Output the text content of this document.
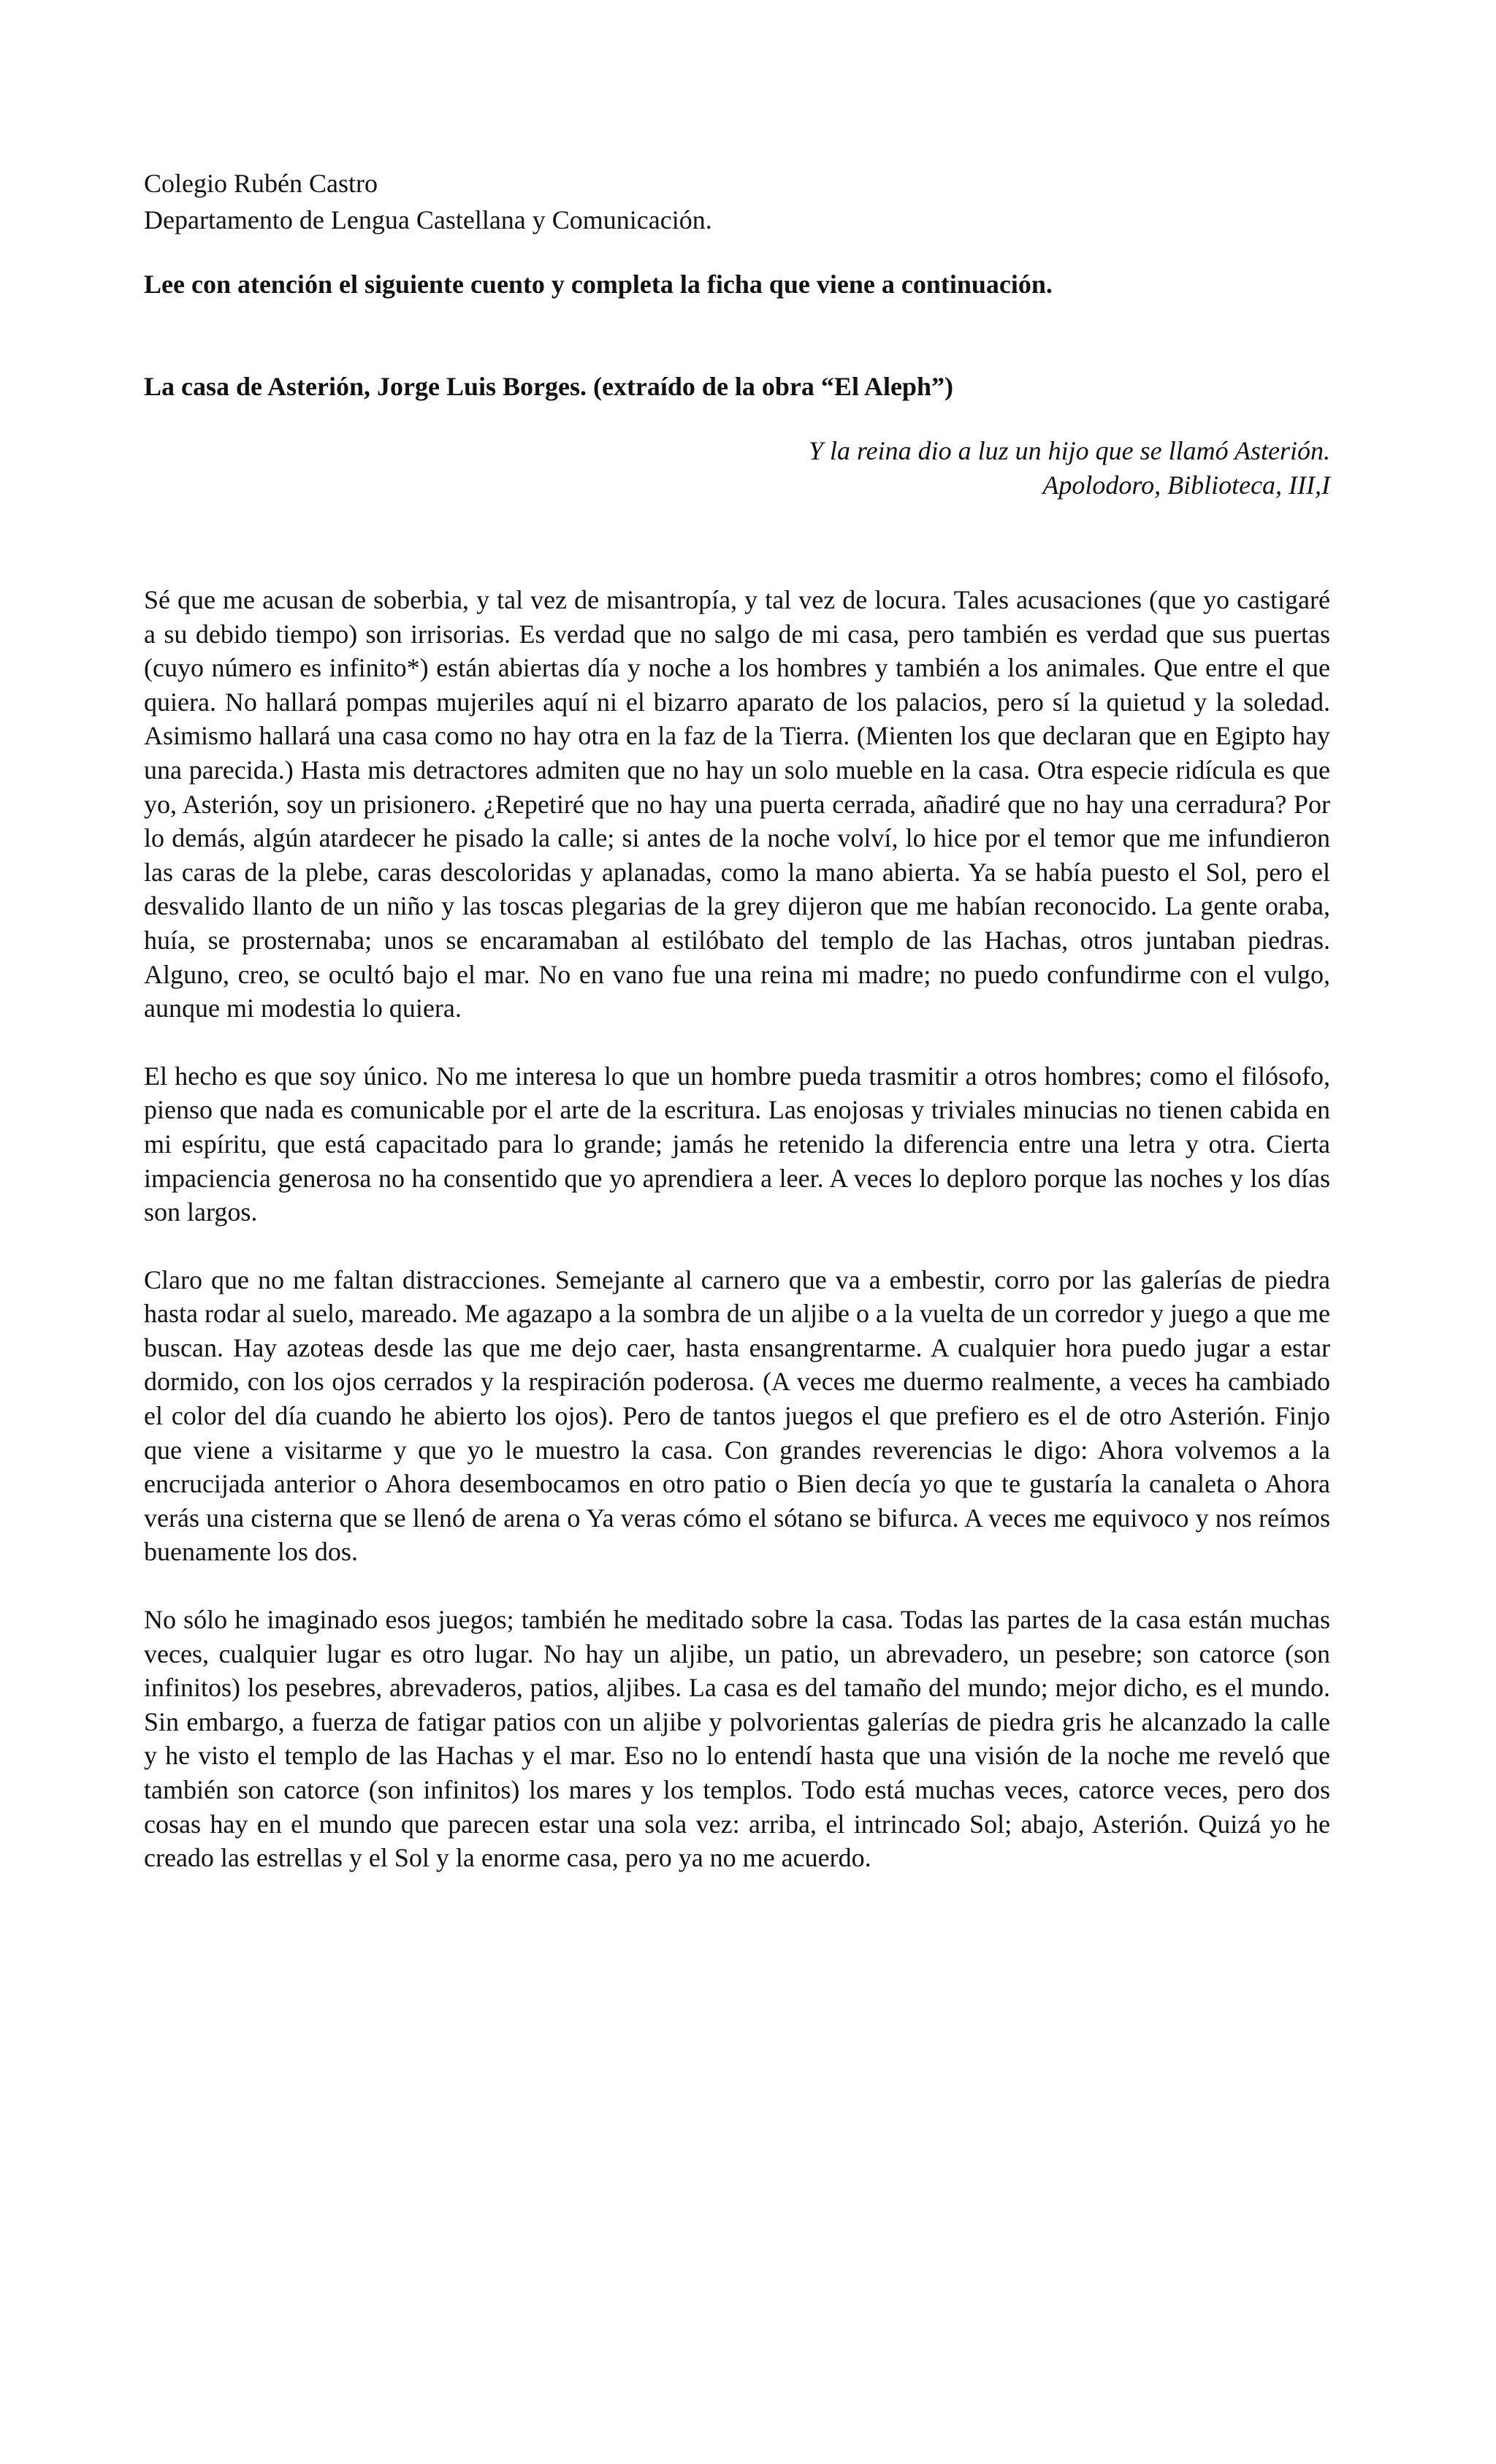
Colegio Rubén Castro

Departamento de Lengua Castellana y Comunicación.

Lee con atención el siguiente cuento y completa la ficha que viene a continuación.

La casa de Asterión, Jorge Luis Borges. (extraído de la obra “El Aleph”)

Y la reina dio a luz un hijo que se llamó Asterión.
Apolodoro, Biblioteca, III,I

Sé que me acusan de soberbia, y tal vez de misantropía, y tal vez de locura. Tales acusaciones (que yo castigaré a su debido tiempo) son irrisorias. Es verdad que no salgo de mi casa, pero también es verdad que sus puertas (cuyo número es infinito*) están abiertas día y noche a los hombres y también a los animales. Que entre el que quiera. No hallará pompas mujeriles aquí ni el bizarro aparato de los palacios, pero sí la quietud y la soledad. Asimismo hallará una casa como no hay otra en la faz de la Tierra. (Mienten los que declaran que en Egipto hay una parecida.) Hasta mis detractores admiten que no hay un solo mueble en la casa. Otra especie ridícula es que yo, Asterión, soy un prisionero. ¿Repetiré que no hay una puerta cerrada, añadiré que no hay una cerradura? Por lo demás, algún atardecer he pisado la calle; si antes de la noche volví, lo hice por el temor que me infundieron las caras de la plebe, caras descoloridas y aplanadas, como la mano abierta. Ya se había puesto el Sol, pero el desvalido llanto de un niño y las toscas plegarias de la grey dijeron que me habían reconocido. La gente oraba, huía, se prosternaba; unos se encaramaban al estilóbato del templo de las Hachas, otros juntaban piedras. Alguno, creo, se ocultó bajo el mar. No en vano fue una reina mi madre; no puedo confundirme con el vulgo, aunque mi modestia lo quiera.

El hecho es que soy único. No me interesa lo que un hombre pueda trasmitir a otros hombres; como el filósofo, pienso que nada es comunicable por el arte de la escritura. Las enojosas y triviales minucias no tienen cabida en mi espíritu, que está capacitado para lo grande; jamás he retenido la diferencia entre una letra y otra. Cierta impaciencia generosa no ha consentido que yo aprendiera a leer. A veces lo deploro porque las noches y los días son largos.

Claro que no me faltan distracciones. Semejante al carnero que va a embestir, corro por las galerías de piedra hasta rodar al suelo, mareado. Me agazapo a la sombra de un aljibe o a la vuelta de un corredor y juego a que me buscan. Hay azoteas desde las que me dejo caer, hasta ensangrentarme. A cualquier hora puedo jugar a estar dormido, con los ojos cerrados y la respiración poderosa. (A veces me duermo realmente, a veces ha cambiado el color del día cuando he abierto los ojos). Pero de tantos juegos el que prefiero es el de otro Asterión. Finjo que viene a visitarme y que yo le muestro la casa. Con grandes reverencias le digo: Ahora volvemos a la encrucijada anterior o Ahora desembocamos en otro patio o Bien decía yo que te gustaría la canaleta o Ahora verás una cisterna que se llenó de arena o Ya veras cómo el sótano se bifurca. A veces me equivoco y nos reímos buenamente los dos.

No sólo he imaginado esos juegos; también he meditado sobre la casa. Todas las partes de la casa están muchas veces, cualquier lugar es otro lugar. No hay un aljibe, un patio, un abrevadero, un pesebre; son catorce (son infinitos) los pesebres, abrevaderos, patios, aljibes. La casa es del tamaño del mundo; mejor dicho, es el mundo. Sin embargo, a fuerza de fatigar patios con un aljibe y polvorientas galerías de piedra gris he alcanzado la calle y he visto el templo de las Hachas y el mar. Eso no lo entendí hasta que una visión de la noche me reveló que también son catorce (son infinitos) los mares y los templos. Todo está muchas veces, catorce veces, pero dos cosas hay en el mundo que parecen estar una sola vez: arriba, el intrincado Sol; abajo, Asterión. Quizá yo he creado las estrellas y el Sol y la enorme casa, pero ya no me acuerdo.
